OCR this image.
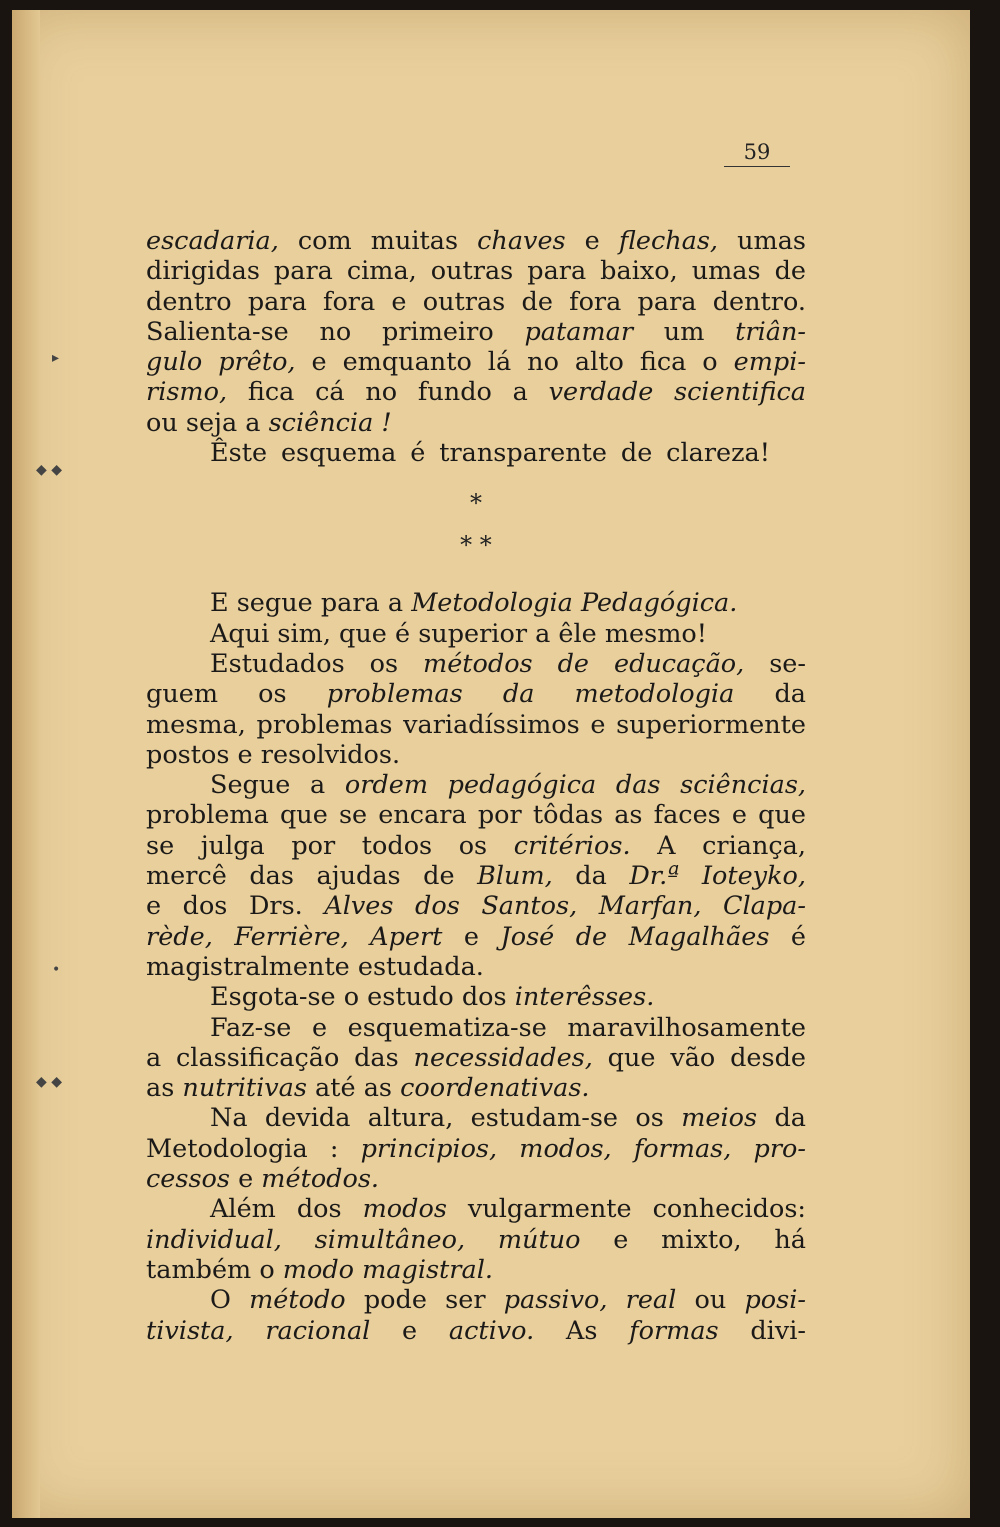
59
▸
◆ ◆
•
◆ ◆
escadaria, com muitas chaves e flechas, umas
dirigidas para cima, outras para baixo, umas de
dentro para fora e outras de fora para dentro.
Salienta-se no primeiro patamar um triân-
gulo prêto, e emquanto lá no alto fica o empi-
rismo, fica cá no fundo a verdade scientifica
ou seja a sciência !
Êste esquema é transparente de clareza!
*
* *
E segue para a Metodologia Pedagógica.
Aqui sim, que é superior a êle mesmo!
Estudados os métodos de educação, se-
guem os problemas da metodologia da
mesma, problemas variadíssimos e superiormente
postos e resolvidos.
Segue a ordem pedagógica das sciências,
problema que se encara por tôdas as faces e que
se julga por todos os critérios. A criança,
mercê das ajudas de Blum, da Dr.ª Ioteyko,
e dos Drs. Alves dos Santos, Marfan, Clapa-
rède, Ferrière, Apert e José de Magalhães é
magistralmente estudada.
Esgota-se o estudo dos interêsses.
Faz-se e esquematiza-se maravilhosamente
a classificação das necessidades, que vão desde
as nutritivas até as coordenativas.
Na devida altura, estudam-se os meios da
Metodologia : principios, modos, formas, pro-
cessos e métodos.
Além dos modos vulgarmente conhecidos:
individual, simultâneo, mútuo e mixto, há
também o modo magistral.
O método pode ser passivo, real ou posi-
tivista, racional e activo. As formas divi-
